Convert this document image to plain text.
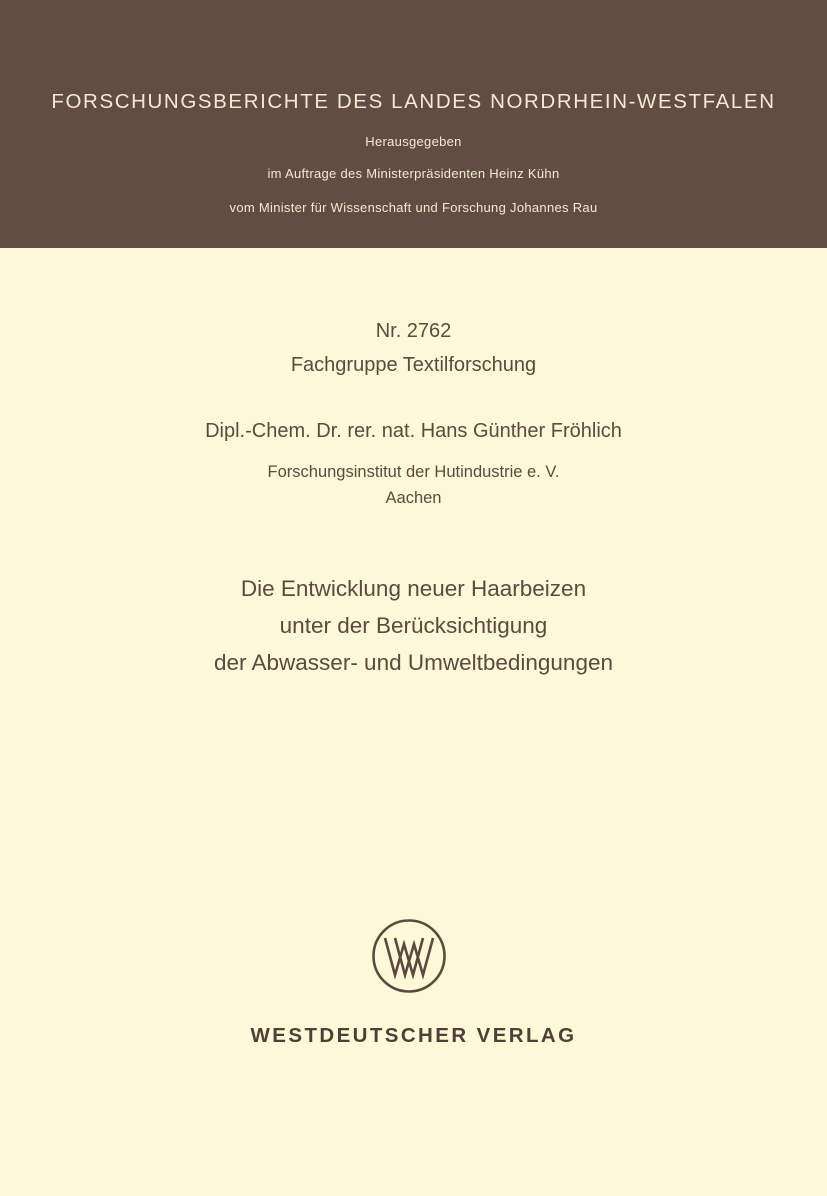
FORSCHUNGSBERICHTE DES LANDES NORDRHEIN-WESTFALEN
Herausgegeben
im Auftrage des Ministerpräsidenten Heinz Kühn
vom Minister für Wissenschaft und Forschung Johannes Rau
Nr. 2762
Fachgruppe Textilforschung
Dipl.-Chem. Dr. rer. nat. Hans Günther Fröhlich
Forschungsinstitut der Hutindustrie e. V.
Aachen
Die Entwicklung neuer Haarbeizen
unter der Berücksichtigung
der Abwasser- und Umweltbedingungen
WESTDEUTSCHER VERLAG
